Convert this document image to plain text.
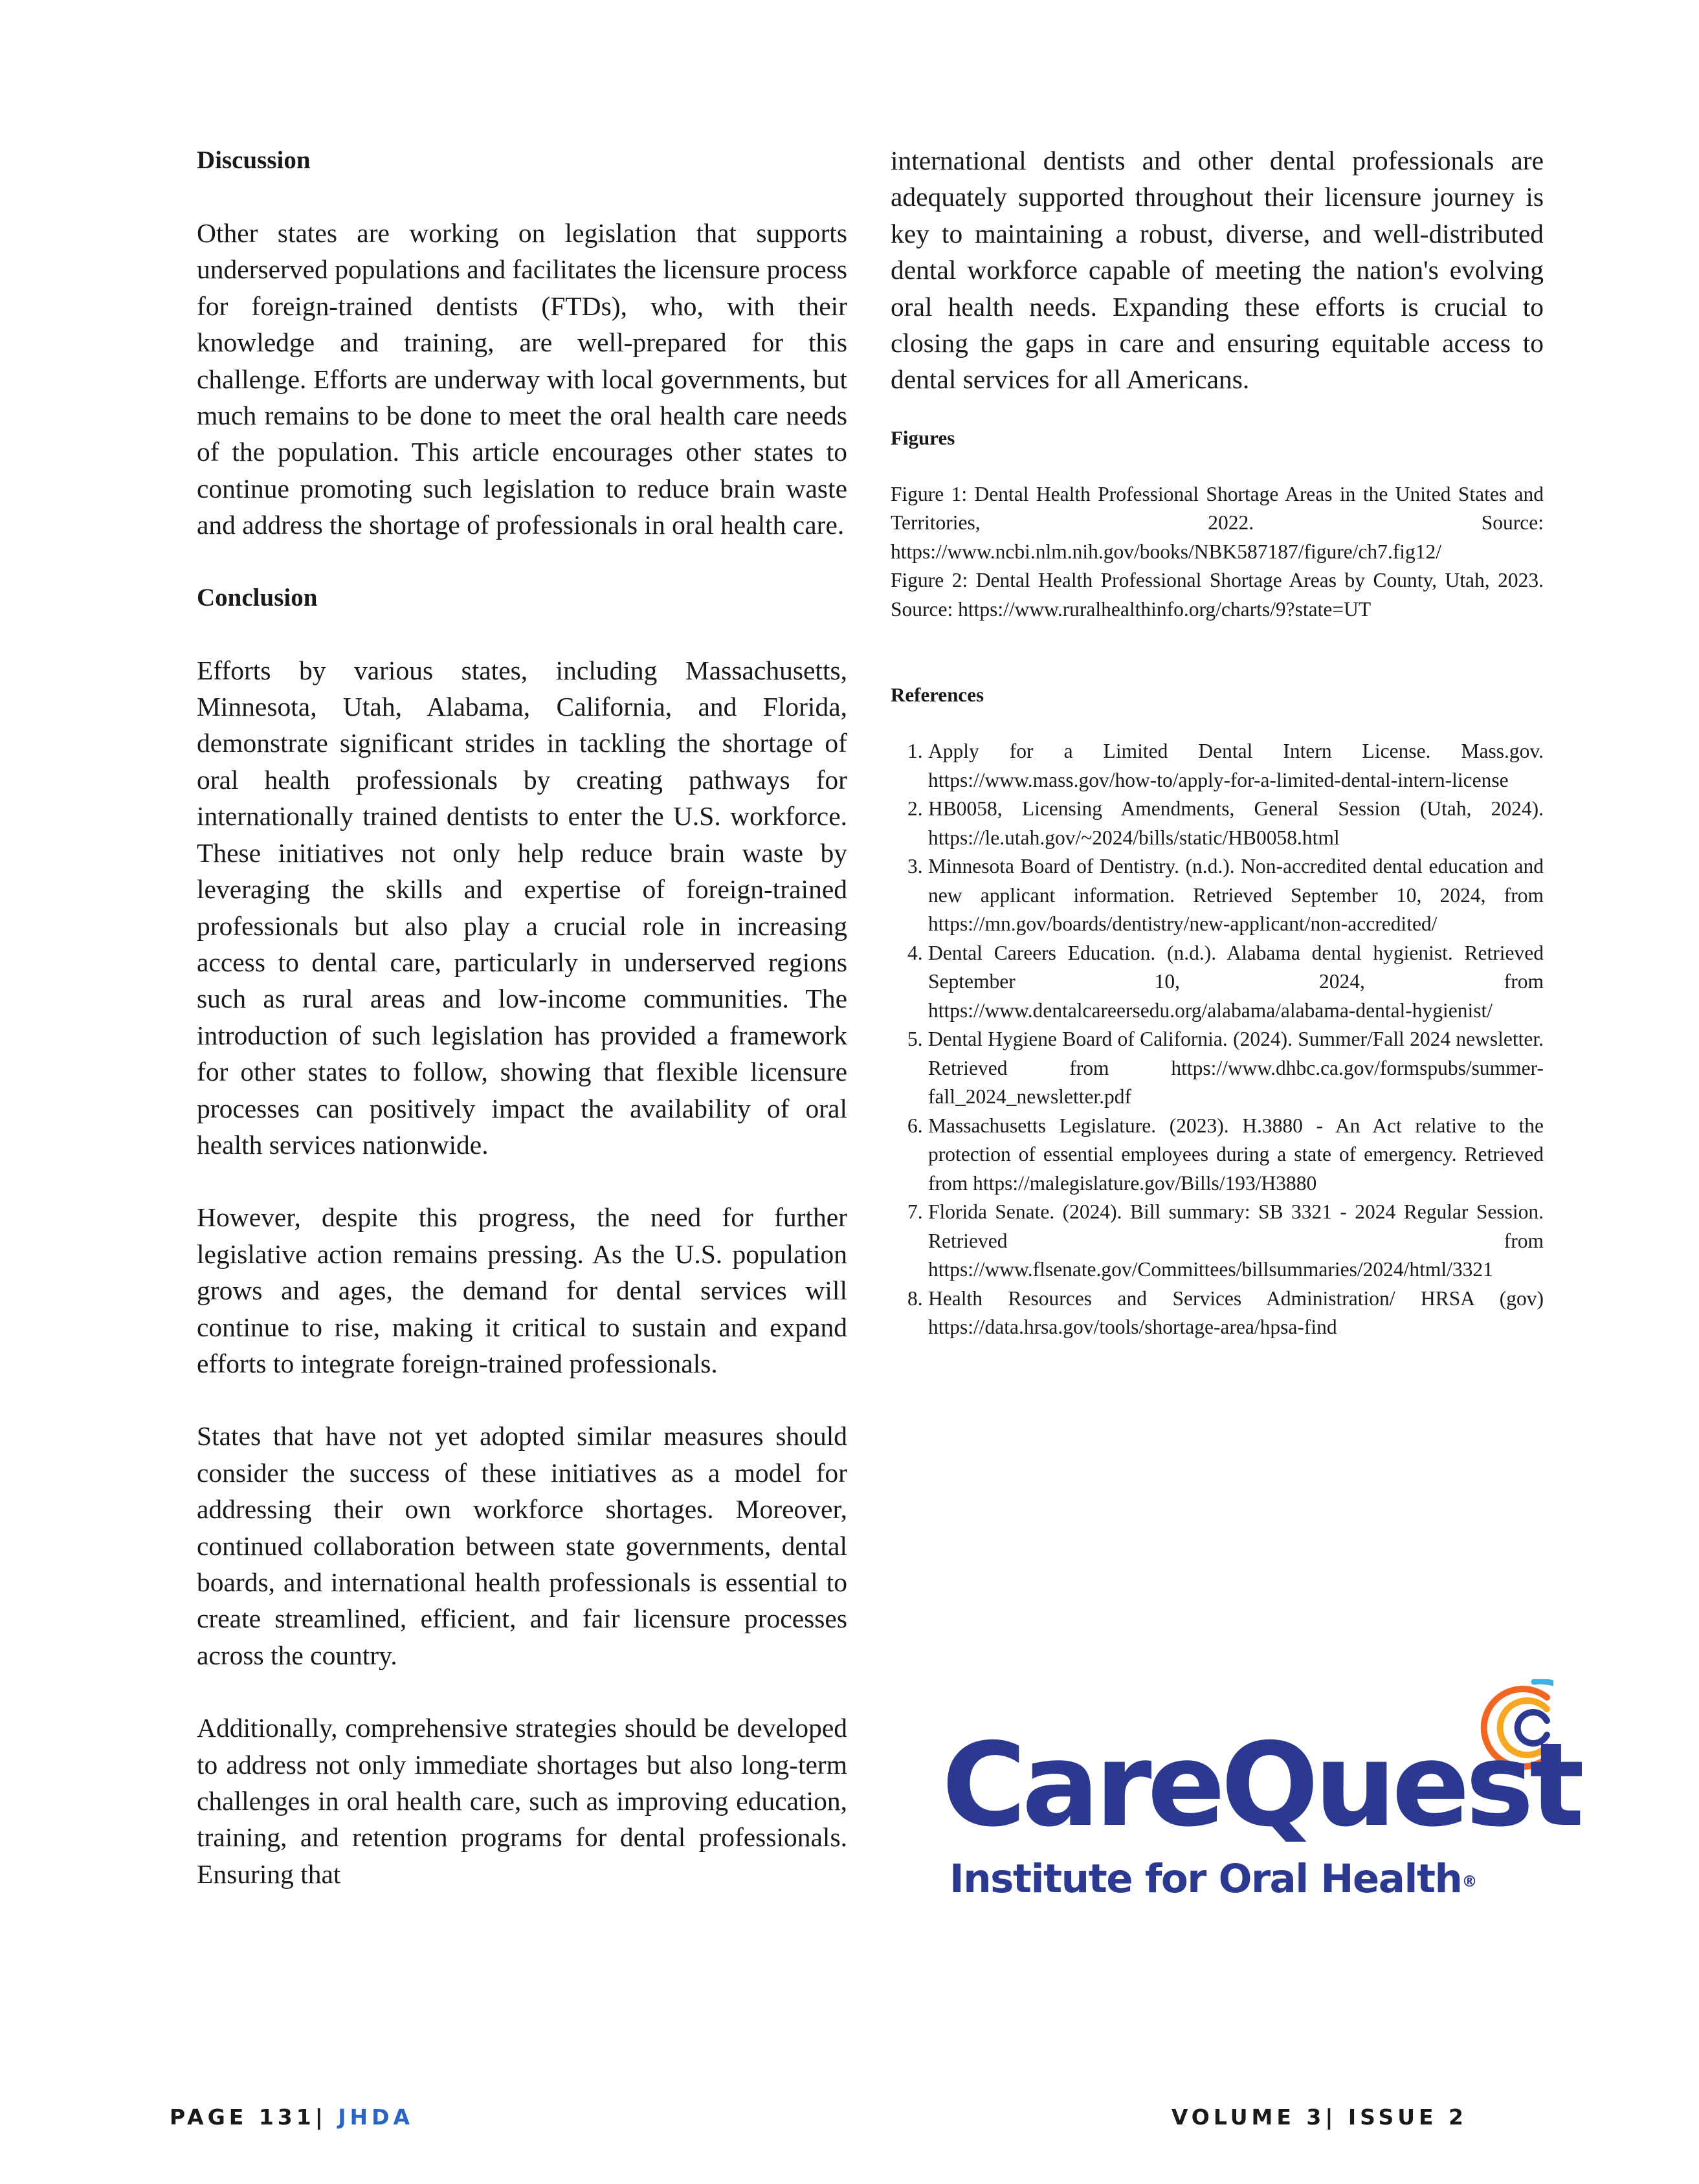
Discussion

Other states are working on legislation that supports underserved populations and facilitates the licensure process for foreign-trained dentists (FTDs), who, with their knowledge and training, are well-prepared for this challenge. Efforts are underway with local governments, but much remains to be done to meet the oral health care needs of the population. This article encourages other states to continue promoting such legislation to reduce brain waste and address the shortage of professionals in oral health care.

Conclusion

Efforts by various states, including Massachusetts, Minnesota, Utah, Alabama, California, and Florida, demonstrate significant strides in tackling the shortage of oral health professionals by creating pathways for internationally trained dentists to enter the U.S. workforce. These initiatives not only help reduce brain waste by leveraging the skills and expertise of foreign-trained professionals but also play a crucial role in increasing access to dental care, particularly in underserved regions such as rural areas and low-income communities. The introduction of such legislation has provided a framework for other states to follow, showing that flexible licensure processes can positively impact the availability of oral health services nationwide.

However, despite this progress, the need for further legislative action remains pressing. As the U.S. population grows and ages, the demand for dental services will continue to rise, making it critical to sustain and expand efforts to integrate foreign-trained professionals.

States that have not yet adopted similar measures should consider the success of these initiatives as a model for addressing their own workforce shortages. Moreover, continued collaboration between state governments, dental boards, and international health professionals is essential to create streamlined, efficient, and fair licensure processes across the country.

Additionally, comprehensive strategies should be developed to address not only immediate shortages but also long-term challenges in oral health care, such as improving education, training, and retention programs for dental professionals. Ensuring that

international dentists and other dental professionals are adequately supported throughout their licensure journey is key to maintaining a robust, diverse, and well-distributed dental workforce capable of meeting the nation's evolving oral health needs. Expanding these efforts is crucial to closing the gaps in care and ensuring equitable access to dental services for all Americans.

Figures

Figure 1: Dental Health Professional Shortage Areas in the United States and Territories, 2022. Source: https://www.ncbi.nlm.nih.gov/books/NBK587187/figure/ch7.fig12/

Figure 2: Dental Health Professional Shortage Areas by County, Utah, 2023. Source: https://www.ruralhealthinfo.org/charts/9?state=UT

References

1. Apply for a Limited Dental Intern License. Mass.gov. https://www.mass.gov/how-to/apply-for-a-limited-dental-intern-license
2. HB0058, Licensing Amendments, General Session (Utah, 2024). https://le.utah.gov/~2024/bills/static/HB0058.html
3. Minnesota Board of Dentistry. (n.d.). Non-accredited dental education and new applicant information. Retrieved September 10, 2024, from https://mn.gov/boards/dentistry/new-applicant/non-accredited/
4. Dental Careers Education. (n.d.). Alabama dental hygienist. Retrieved September 10, 2024, from https://www.dentalcareersedu.org/alabama/alabama-dental-hygienist/
5. Dental Hygiene Board of California. (2024). Summer/Fall 2024 newsletter. Retrieved from https://www.dhbc.ca.gov/formspubs/summer-fall_2024_newsletter.pdf
6. Massachusetts Legislature. (2023). H.3880 - An Act relative to the protection of essential employees during a state of emergency. Retrieved from https://malegislature.gov/Bills/193/H3880
7. Florida Senate. (2024). Bill summary: SB 3321 - 2024 Regular Session. Retrieved from https://www.flsenate.gov/Committees/billsummaries/2024/html/3321
8. Health Resources and Services Administration/ HRSA (gov) https://data.hrsa.gov/tools/shortage-area/hpsa-find
CareQuest
Institute for Oral Health®
PAGE 131| JHDA	VOLUME 3| ISSUE 2
